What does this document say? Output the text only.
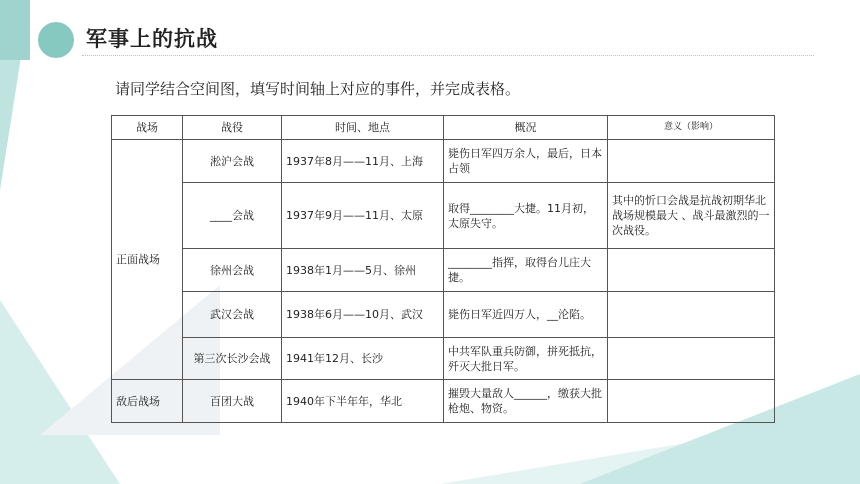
军事上的抗战
请同学结合空间图，填写时间轴上对应的事件，并完成表格。
战场	战役	时间、地点	概况	意义（影响）
正面战场	淞沪会战	1937年8月——11月、上海	毙伤日军四万余人，最后，日本占领	
	____会战	1937年9月——11月、太原	取得________大捷。11月初，太原失守。	其中的忻口会战是抗战初期华北战场规模最大 、战斗最激烈的一次战役。
	徐州会战	1938年1月——5月、徐州	________指挥，取得台儿庄大捷。	
	武汉会战	1938年6月——10月、武汉	毙伤日军近四万人，__沦陷。	
	第三次长沙会战	1941年12月、长沙	中共军队重兵防御，拼死抵抗，歼灭大批日军。	
敌后战场	百团大战	1940年下半年年，华北	摧毁大量敌人______，缴获大批枪炮、物资。	
